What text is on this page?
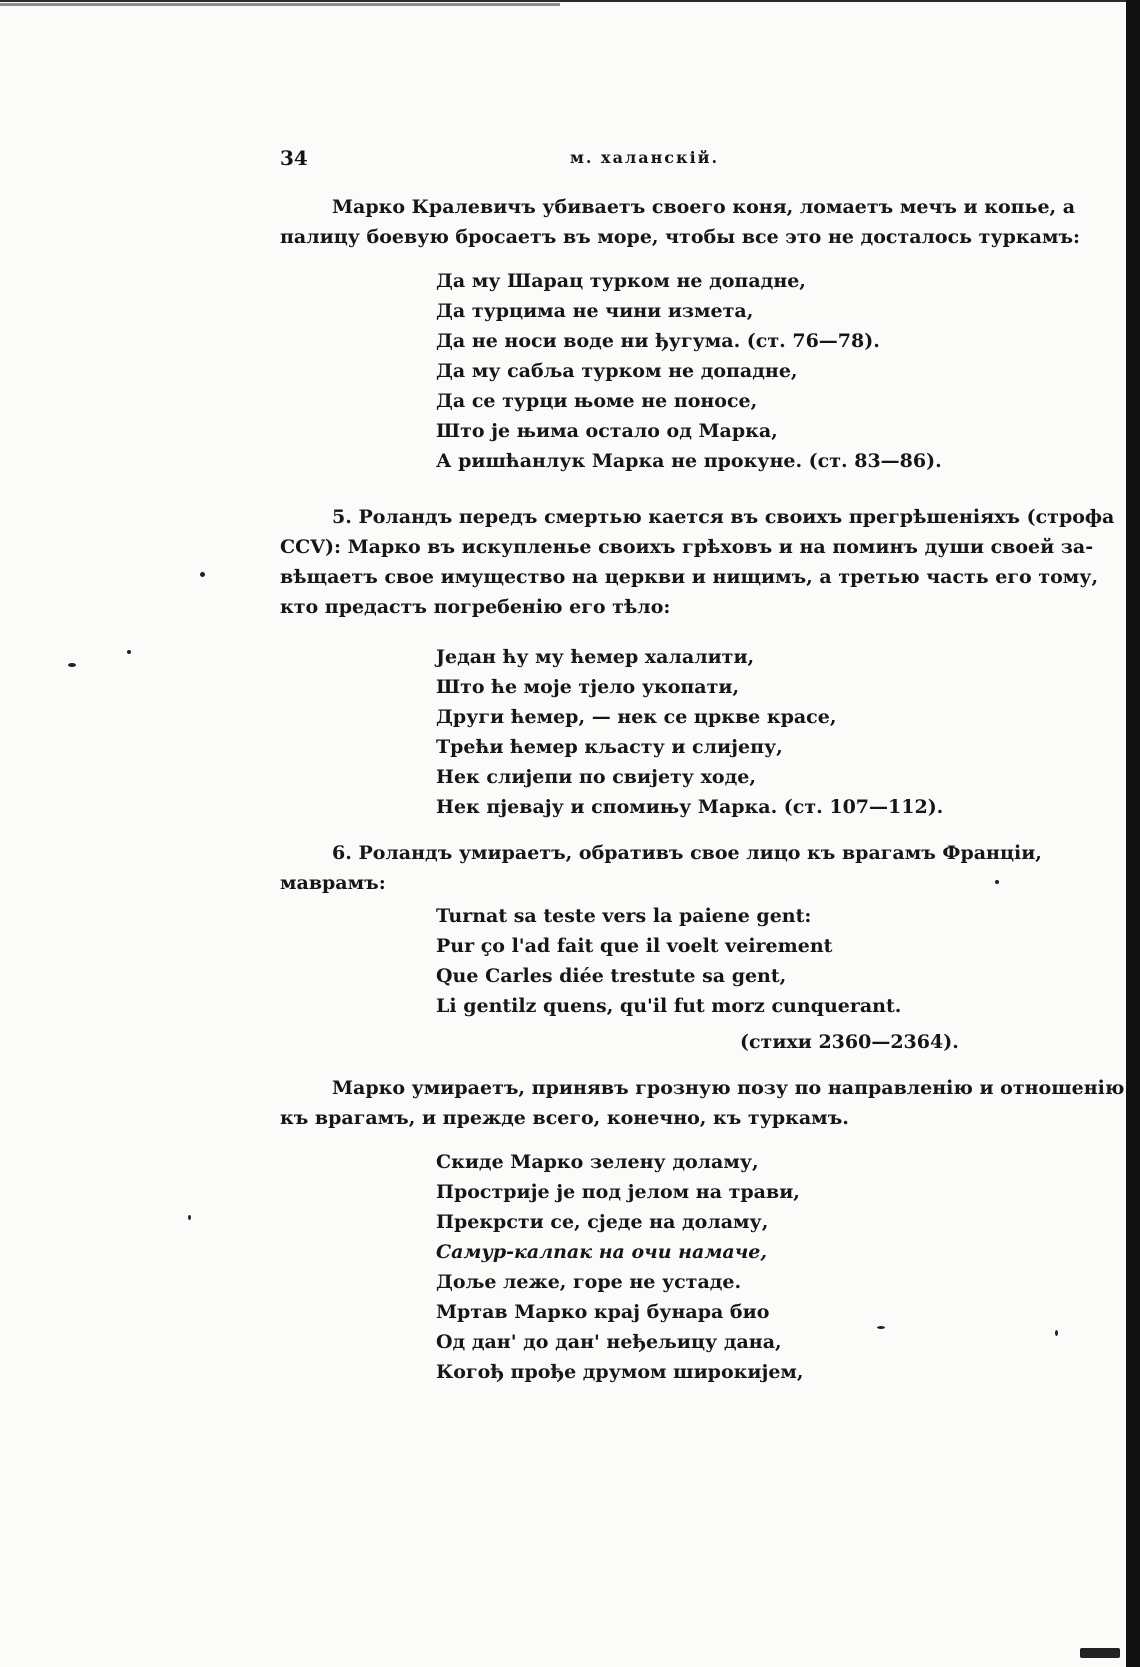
34	м. халанскій.
Марко Кралевичъ убиваетъ своего коня, ломаетъ мечъ и копье, а
палицу боевую бросаетъ въ море, чтобы все это не досталось туркамъ:
Да му Шарац турком не допадне,
Да турцима не чини измета,
Да не носи воде ни ђугума. (ст. 76—78).
Да му сабља турком не допадне,
Да се турци њоме не поносе,
Што је њима остало од Марка,
А ришћанлук Марка не прокуне. (ст. 83—86).
5. Роландъ передъ смертью кается въ своихъ прегрѣшеніяхъ (строфа
CCV): Марко въ искупленье своихъ грѣховъ и на поминъ души своей за-
вѣщаетъ свое имущество на церкви и нищимъ, а третью часть его тому,
кто предастъ погребенію его тѣло:
Један ћу му ћемер халалити,
Што ће моје тјело укопати,
Други ћемер, — нек се цркве красе,
Трећи ћемер кљасту и слијепу,
Нек слијепи по свијету ходе,
Нек пјевају и спомињу Марка. (ст. 107—112).
6. Роландъ умираетъ, обративъ свое лицо къ врагамъ Франціи,
маврамъ:
Turnat sa teste vers la paiene gent:
Pur ço l'ad fait que il voelt veirement
Que Carles diée trestute sa gent,
Li gentilz quens, qu'il fut morz cunquerant.
(стихи 2360—2364).
Марко умираетъ, принявъ грозную позу по направленію и отношенію
къ врагамъ, и прежде всего, конечно, къ туркамъ.
Скиде Марко зелену доламу,
Простриje је под јелом на трави,
Прекрсти се, сједе на доламу,
Самур-калпак на очи намаче,
Доље леже, горе не устаде.
Мртав Марко крај бунара био
Од дан' до дан' неђељицу дана,
Когођ прође друмом широкијем,
